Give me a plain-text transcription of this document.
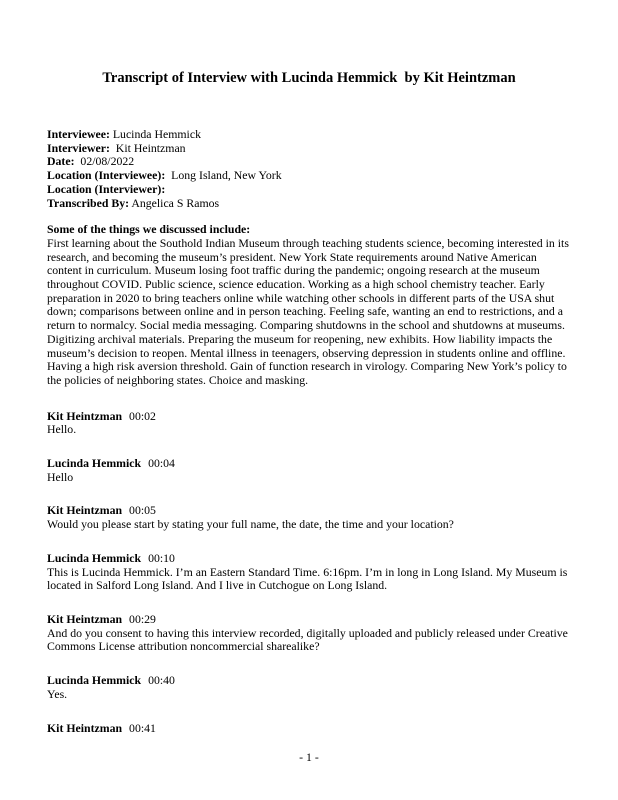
Transcript of Interview with Lucinda Hemmick  by Kit Heintzman
Interviewee: Lucinda Hemmick
Interviewer: Kit Heintzman
Date: 02/08/2022
Location (Interviewee): Long Island, New York
Location (Interviewer):
Transcribed By: Angelica S Ramos
Some of the things we discussed include:
First learning about the Southold Indian Museum through teaching students science, becoming interested in its research, and becoming the museum’s president. New York State requirements around Native American content in curriculum. Museum losing foot traffic during the pandemic; ongoing research at the museum throughout COVID. Public science, science education. Working as a high school chemistry teacher. Early preparation in 2020 to bring teachers online while watching other schools in different parts of the USA shut down; comparisons between online and in person teaching. Feeling safe, wanting an end to restrictions, and a return to normalcy. Social media messaging. Comparing shutdowns in the school and shutdowns at museums. Digitizing archival materials. Preparing the museum for reopening, new exhibits. How liability impacts the museum’s decision to reopen. Mental illness in teenagers, observing depression in students online and offline. Having a high risk aversion threshold. Gain of function research in virology. Comparing New York’s policy to the policies of neighboring states. Choice and masking.
Kit Heintzman 00:02
Hello.
Lucinda Hemmick 00:04
Hello
Kit Heintzman 00:05
Would you please start by stating your full name, the date, the time and your location?
Lucinda Hemmick 00:10
This is Lucinda Hemmick. I’m an Eastern Standard Time. 6:16pm. I’m in long in Long Island. My Museum is located in Salford Long Island. And I live in Cutchogue on Long Island.
Kit Heintzman 00:29
And do you consent to having this interview recorded, digitally uploaded and publicly released under Creative Commons License attribution noncommercial sharealike?
Lucinda Hemmick 00:40
Yes.
Kit Heintzman 00:41
- 1 -
